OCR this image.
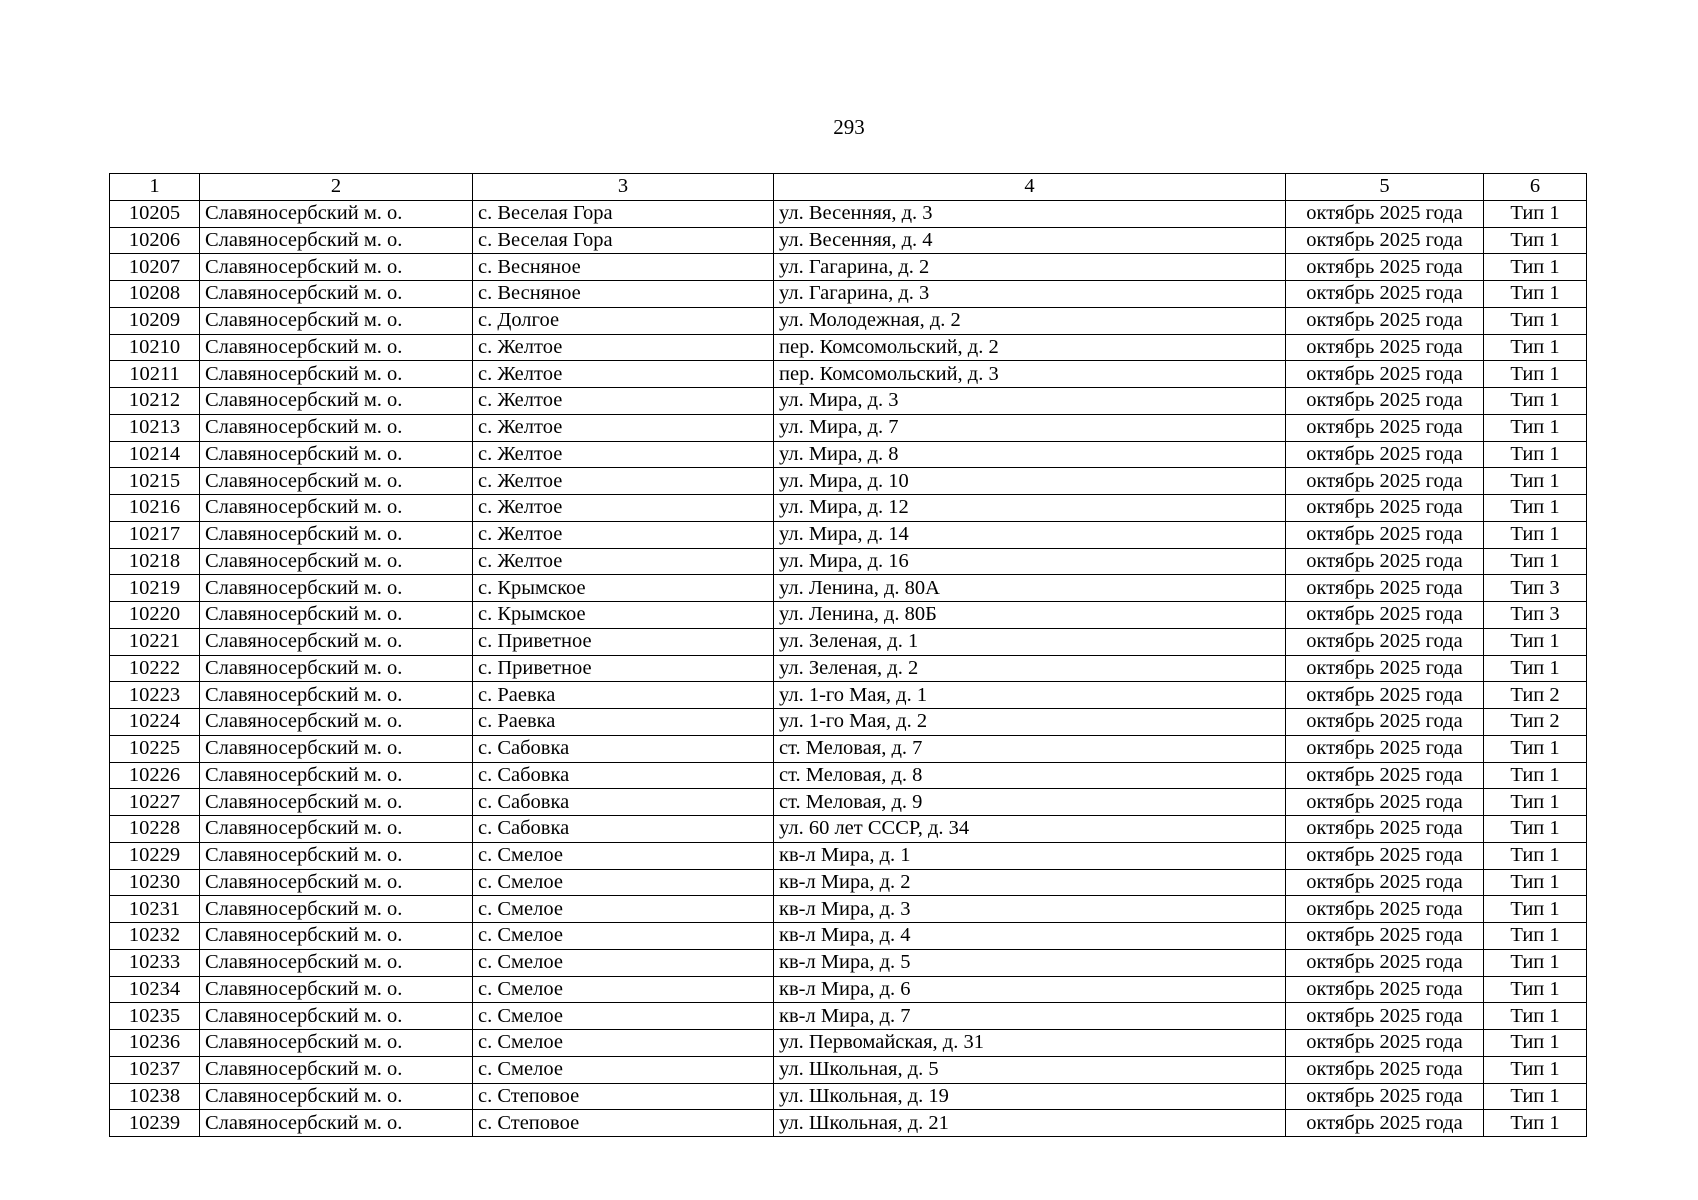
293
1	2	3	4	5	6
10205	Славяносербский м. о.	с. Веселая Гора	ул. Весенняя, д. 3	октябрь 2025 года	Тип 1
10206	Славяносербский м. о.	с. Веселая Гора	ул. Весенняя, д. 4	октябрь 2025 года	Тип 1
10207	Славяносербский м. о.	с. Весняное	ул. Гагарина, д. 2	октябрь 2025 года	Тип 1
10208	Славяносербский м. о.	с. Весняное	ул. Гагарина, д. 3	октябрь 2025 года	Тип 1
10209	Славяносербский м. о.	с. Долгое	ул. Молодежная, д. 2	октябрь 2025 года	Тип 1
10210	Славяносербский м. о.	с. Желтое	пер. Комсомольский, д. 2	октябрь 2025 года	Тип 1
10211	Славяносербский м. о.	с. Желтое	пер. Комсомольский, д. 3	октябрь 2025 года	Тип 1
10212	Славяносербский м. о.	с. Желтое	ул. Мира, д. 3	октябрь 2025 года	Тип 1
10213	Славяносербский м. о.	с. Желтое	ул. Мира, д. 7	октябрь 2025 года	Тип 1
10214	Славяносербский м. о.	с. Желтое	ул. Мира, д. 8	октябрь 2025 года	Тип 1
10215	Славяносербский м. о.	с. Желтое	ул. Мира, д. 10	октябрь 2025 года	Тип 1
10216	Славяносербский м. о.	с. Желтое	ул. Мира, д. 12	октябрь 2025 года	Тип 1
10217	Славяносербский м. о.	с. Желтое	ул. Мира, д. 14	октябрь 2025 года	Тип 1
10218	Славяносербский м. о.	с. Желтое	ул. Мира, д. 16	октябрь 2025 года	Тип 1
10219	Славяносербский м. о.	с. Крымское	ул. Ленина, д. 80А	октябрь 2025 года	Тип 3
10220	Славяносербский м. о.	с. Крымское	ул. Ленина, д. 80Б	октябрь 2025 года	Тип 3
10221	Славяносербский м. о.	с. Приветное	ул. Зеленая, д. 1	октябрь 2025 года	Тип 1
10222	Славяносербский м. о.	с. Приветное	ул. Зеленая, д. 2	октябрь 2025 года	Тип 1
10223	Славяносербский м. о.	с. Раевка	ул. 1-го Мая, д. 1	октябрь 2025 года	Тип 2
10224	Славяносербский м. о.	с. Раевка	ул. 1-го Мая, д. 2	октябрь 2025 года	Тип 2
10225	Славяносербский м. о.	с. Сабовка	ст. Меловая, д. 7	октябрь 2025 года	Тип 1
10226	Славяносербский м. о.	с. Сабовка	ст. Меловая, д. 8	октябрь 2025 года	Тип 1
10227	Славяносербский м. о.	с. Сабовка	ст. Меловая, д. 9	октябрь 2025 года	Тип 1
10228	Славяносербский м. о.	с. Сабовка	ул. 60 лет СССР, д. 34	октябрь 2025 года	Тип 1
10229	Славяносербский м. о.	с. Смелое	кв-л Мира, д. 1	октябрь 2025 года	Тип 1
10230	Славяносербский м. о.	с. Смелое	кв-л Мира, д. 2	октябрь 2025 года	Тип 1
10231	Славяносербский м. о.	с. Смелое	кв-л Мира, д. 3	октябрь 2025 года	Тип 1
10232	Славяносербский м. о.	с. Смелое	кв-л Мира, д. 4	октябрь 2025 года	Тип 1
10233	Славяносербский м. о.	с. Смелое	кв-л Мира, д. 5	октябрь 2025 года	Тип 1
10234	Славяносербский м. о.	с. Смелое	кв-л Мира, д. 6	октябрь 2025 года	Тип 1
10235	Славяносербский м. о.	с. Смелое	кв-л Мира, д. 7	октябрь 2025 года	Тип 1
10236	Славяносербский м. о.	с. Смелое	ул. Первомайская, д. 31	октябрь 2025 года	Тип 1
10237	Славяносербский м. о.	с. Смелое	ул. Школьная, д. 5	октябрь 2025 года	Тип 1
10238	Славяносербский м. о.	с. Степовое	ул. Школьная, д. 19	октябрь 2025 года	Тип 1
10239	Славяносербский м. о.	с. Степовое	ул. Школьная, д. 21	октябрь 2025 года	Тип 1
